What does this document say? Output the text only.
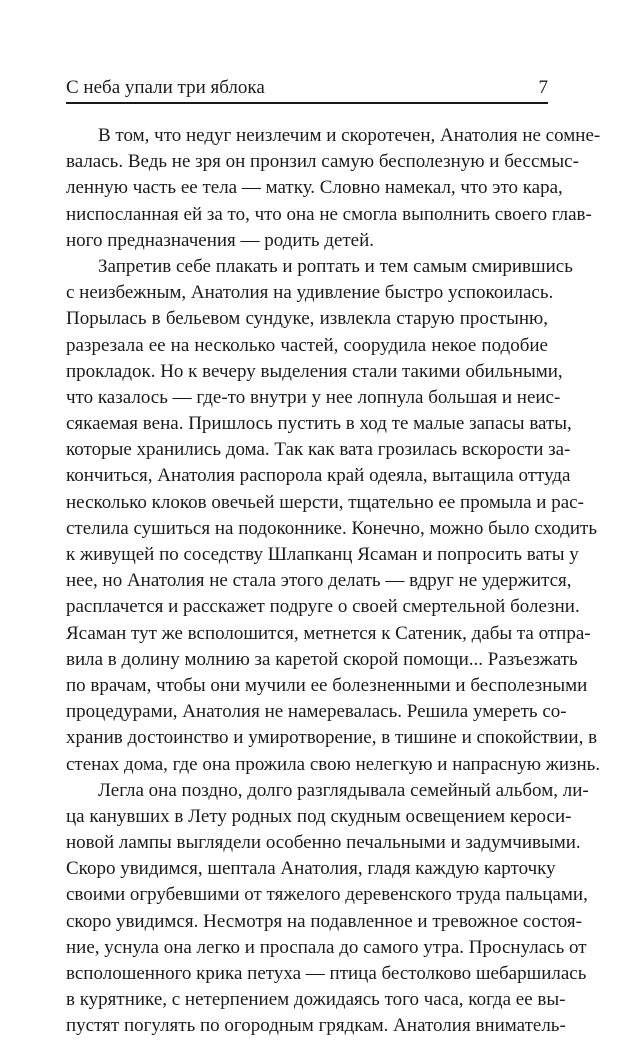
С неба упали три яблока	7
В том, что недуг неизлечим и скоротечен, Анатолия не сомне-
валась. Ведь не зря он пронзил самую бесполезную и бессмыс-
ленную часть ее тела — матку. Словно намекал, что это кара,
ниспосланная ей за то, что она не смогла выполнить своего глав-
ного предназначения — родить детей.
Запретив себе плакать и роптать и тем самым смирившись
с неизбежным, Анатолия на удивление быстро успокоилась.
Порылась в бельевом сундуке, извлекла старую простыню,
разрезала ее на несколько частей, соорудила некое подобие
прокладок. Но к вечеру выделения стали такими обильными,
что казалось — где-то внутри у нее лопнула большая и неис-
сякаемая вена. Пришлось пустить в ход те малые запасы ваты,
которые хранились дома. Так как вата грозилась вскорости за-
кончиться, Анатолия распорола край одеяла, вытащила оттуда
несколько клоков овечьей шерсти, тщательно ее промыла и рас-
стелила сушиться на подоконнике. Конечно, можно было сходить
к живущей по соседству Шлапканц Ясаман и попросить ваты у
нее, но Анатолия не стала этого делать — вдруг не удержится,
расплачется и расскажет подруге о своей смертельной болезни.
Ясаман тут же всполошится, метнется к Сатеник, дабы та отпра-
вила в долину молнию за каретой скорой помощи... Разъезжать
по врачам, чтобы они мучили ее болезненными и бесполезными
процедурами, Анатолия не намеревалась. Решила умереть со-
хранив достоинство и умиротворение, в тишине и спокойствии, в
стенах дома, где она прожила свою нелегкую и напрасную жизнь.
Легла она поздно, долго разглядывала семейный альбом, ли-
ца канувших в Лету родных под скудным освещением кероси-
новой лампы выглядели особенно печальными и задумчивыми.
Скоро увидимся, шептала Анатолия, гладя каждую карточку
своими огрубевшими от тяжелого деревенского труда пальцами,
скоро увидимся. Несмотря на подавленное и тревожное состоя-
ние, уснула она легко и проспала до самого утра. Проснулась от
всполошенного крика петуха — птица бестолково шебаршилась
в курятнике, с нетерпением дожидаясь того часа, когда ее вы-
пустят погулять по огородным грядкам. Анатолия вниматель-
